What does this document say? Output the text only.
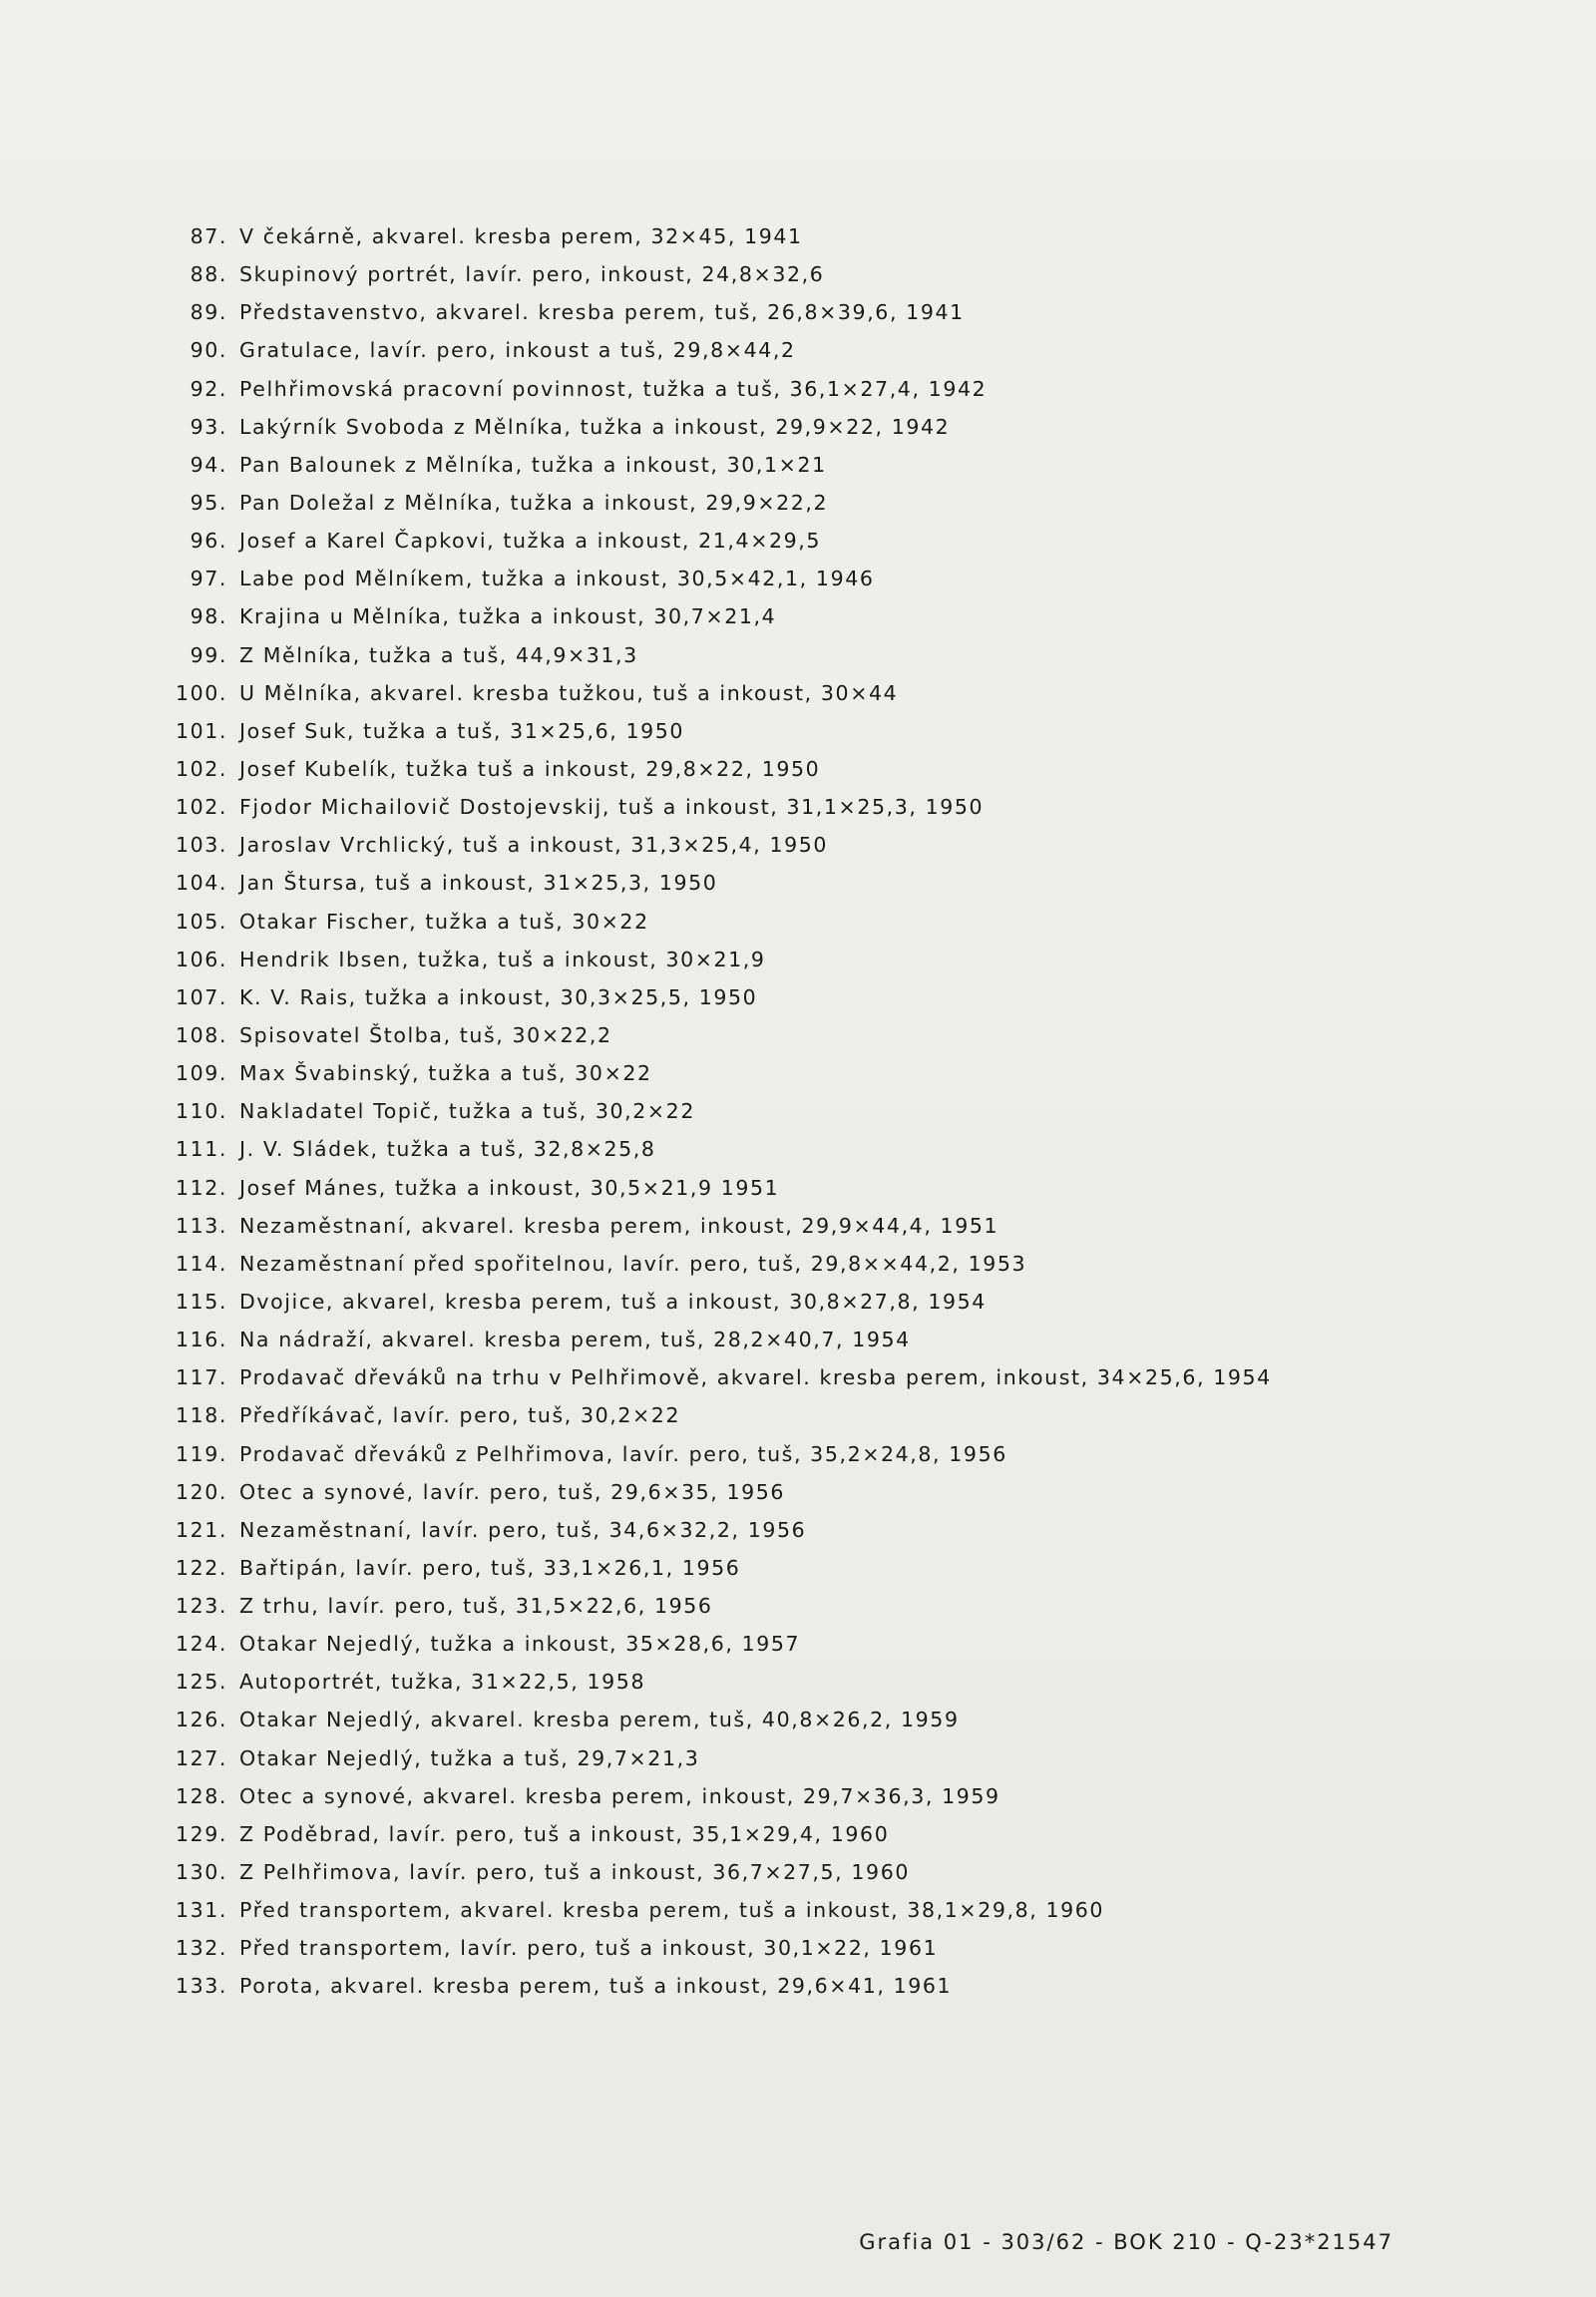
87. V čekárně, akvarel. kresba perem, 32×45, 1941
88. Skupinový portrét, lavír. pero, inkoust, 24,8×32,6
89. Představenstvo, akvarel. kresba perem, tuš, 26,8×39,6, 1941
90. Gratulace, lavír. pero, inkoust a tuš, 29,8×44,2
92. Pelhřimovská pracovní povinnost, tužka a tuš, 36,1×27,4, 1942
93. Lakýrník Svoboda z Mělníka, tužka a inkoust, 29,9×22, 1942
94. Pan Balounek z Mělníka, tužka a inkoust, 30,1×21
95. Pan Doležal z Mělníka, tužka a inkoust, 29,9×22,2
96. Josef a Karel Čapkovi, tužka a inkoust, 21,4×29,5
97. Labe pod Mělníkem, tužka a inkoust, 30,5×42,1, 1946
98. Krajina u Mělníka, tužka a inkoust, 30,7×21,4
99. Z Mělníka, tužka a tuš, 44,9×31,3
100. U Mělníka, akvarel. kresba tužkou, tuš a inkoust, 30×44
101. Josef Suk, tužka a tuš, 31×25,6, 1950
102. Josef Kubelík, tužka tuš a inkoust, 29,8×22, 1950
102. Fjodor Michailovič Dostojevskij, tuš a inkoust, 31,1×25,3, 1950
103. Jaroslav Vrchlický, tuš a inkoust, 31,3×25,4, 1950
104. Jan Štursa, tuš a inkoust, 31×25,3, 1950
105. Otakar Fischer, tužka a tuš, 30×22
106. Hendrik Ibsen, tužka, tuš a inkoust, 30×21,9
107. K. V. Rais, tužka a inkoust, 30,3×25,5, 1950
108. Spisovatel Štolba, tuš, 30×22,2
109. Max Švabinský, tužka a tuš, 30×22
110. Nakladatel Topič, tužka a tuš, 30,2×22
111. J. V. Sládek, tužka a tuš, 32,8×25,8
112. Josef Mánes, tužka a inkoust, 30,5×21,9 1951
113. Nezaměstnaní, akvarel. kresba perem, inkoust, 29,9×44,4, 1951
114. Nezaměstnaní před spořitelnou, lavír. pero, tuš, 29,8××44,2, 1953
115. Dvojice, akvarel, kresba perem, tuš a inkoust, 30,8×27,8, 1954
116. Na nádraží, akvarel. kresba perem, tuš, 28,2×40,7, 1954
117. Prodavač dřeváků na trhu v Pelhřimově, akvarel. kresba perem, inkoust, 34×25,6, 1954
118. Předříkávač, lavír. pero, tuš, 30,2×22
119. Prodavač dřeváků z Pelhřimova, lavír. pero, tuš, 35,2×24,8, 1956
120. Otec a synové, lavír. pero, tuš, 29,6×35, 1956
121. Nezaměstnaní, lavír. pero, tuš, 34,6×32,2, 1956
122. Bařtipán, lavír. pero, tuš, 33,1×26,1, 1956
123. Z trhu, lavír. pero, tuš, 31,5×22,6, 1956
124. Otakar Nejedlý, tužka a inkoust, 35×28,6, 1957
125. Autoportrét, tužka, 31×22,5, 1958
126. Otakar Nejedlý, akvarel. kresba perem, tuš, 40,8×26,2, 1959
127. Otakar Nejedlý, tužka a tuš, 29,7×21,3
128. Otec a synové, akvarel. kresba perem, inkoust, 29,7×36,3, 1959
129. Z Poděbrad, lavír. pero, tuš a inkoust, 35,1×29,4, 1960
130. Z Pelhřimova, lavír. pero, tuš a inkoust, 36,7×27,5, 1960
131. Před transportem, akvarel. kresba perem, tuš a inkoust, 38,1×29,8, 1960
132. Před transportem, lavír. pero, tuš a inkoust, 30,1×22, 1961
133. Porota, akvarel. kresba perem, tuš a inkoust, 29,6×41, 1961
Grafia 01 - 303/62 - BOK 210 - Q-23*21547
